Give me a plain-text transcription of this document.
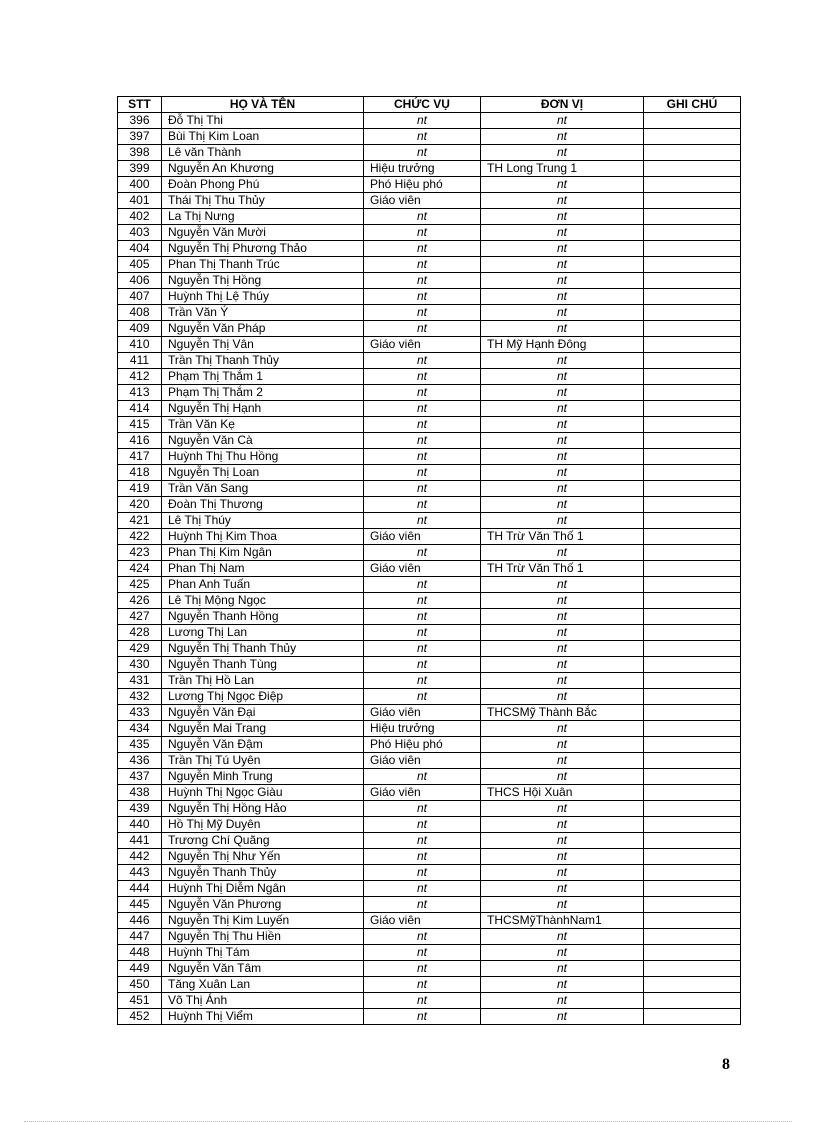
STT	HỌ VÀ TÊN	CHỨC VỤ	ĐƠN VỊ	GHI CHÚ
396	Đỗ Thị Thi	nt	nt	
397	Bùi Thị Kim Loan	nt	nt	
398	Lê văn Thành	nt	nt	
399	Nguyễn An Khương	Hiệu trưởng	TH Long Trung 1	
400	Đoàn Phong Phú	Phó Hiệu phó	nt	
401	Thái Thị Thu Thủy	Giáo viên	nt	
402	La Thị Nưng	nt	nt	
403	Nguyễn Văn Mười	nt	nt	
404	Nguyễn Thị Phương Thảo	nt	nt	
405	Phan Thị Thanh Trúc	nt	nt	
406	Nguyễn Thị Hồng	nt	nt	
407	Huỳnh Thị Lệ Thúy	nt	nt	
408	Trần Văn Ý	nt	nt	
409	Nguyễn Văn Pháp	nt	nt	
410	Nguyễn Thị Vân	Giáo viên	TH Mỹ Hạnh Đông	
411	Trần Thị Thanh Thủy	nt	nt	
412	Phạm Thị Thắm 1	nt	nt	
413	Phạm Thị Thắm 2	nt	nt	
414	Nguyễn Thị Hạnh	nt	nt	
415	Trần Văn Kẹ	nt	nt	
416	Nguyễn Văn Cà	nt	nt	
417	Huỳnh Thị Thu Hồng	nt	nt	
418	Nguyễn Thị Loan	nt	nt	
419	Trần Văn Sang	nt	nt	
420	Đoàn Thị Thương	nt	nt	
421	Lê Thị Thúy	nt	nt	
422	Huỳnh Thị Kim Thoa	Giáo viên	TH Trừ Văn Thố 1	
423	Phan Thị Kim Ngân	nt	nt	
424	Phan Thị Nam	Giáo viên	TH Trừ Văn Thố 1	
425	Phan Anh Tuấn	nt	nt	
426	Lê Thị Mộng Ngọc	nt	nt	
427	Nguyễn Thanh Hồng	nt	nt	
428	Lương Thị Lan	nt	nt	
429	Nguyễn Thị Thanh Thủy	nt	nt	
430	Nguyễn Thanh Tùng	nt	nt	
431	Trần Thị Hồ Lan	nt	nt	
432	Lương Thị Ngọc Điệp	nt	nt	
433	Nguyễn Văn Đại	Giáo viên	THCSMỹ Thành Bắc	
434	Nguyễn Mai Trang	Hiệu trưởng	nt	
435	Nguyễn Văn Đậm	Phó Hiệu phó	nt	
436	Trần Thị Tú Uyên	Giáo viên	nt	
437	Nguyễn Minh Trung	nt	nt	
438	Huỳnh Thị Ngọc Giàu	Giáo viên	THCS Hội Xuân	
439	Nguyễn Thị Hồng Hảo	nt	nt	
440	Hồ Thị Mỹ Duyên	nt	nt	
441	Trương Chí Quãng	nt	nt	
442	Nguyễn Thị Như Yến	nt	nt	
443	Nguyễn Thanh Thủy	nt	nt	
444	Huỳnh Thị Diễm Ngân	nt	nt	
445	Nguyễn Văn Phương	nt	nt	
446	Nguyễn Thị Kim Luyến	Giáo viên	THCSMỹThànhNam1	
447	Nguyễn Thị Thu Hiền	nt	nt	
448	Huỳnh Thị Tám	nt	nt	
449	Nguyễn Văn Tâm	nt	nt	
450	Tăng Xuân Lan	nt	nt	
451	Võ Thị Ánh	nt	nt	
452	Huỳnh Thị Viểm	nt	nt	
8
